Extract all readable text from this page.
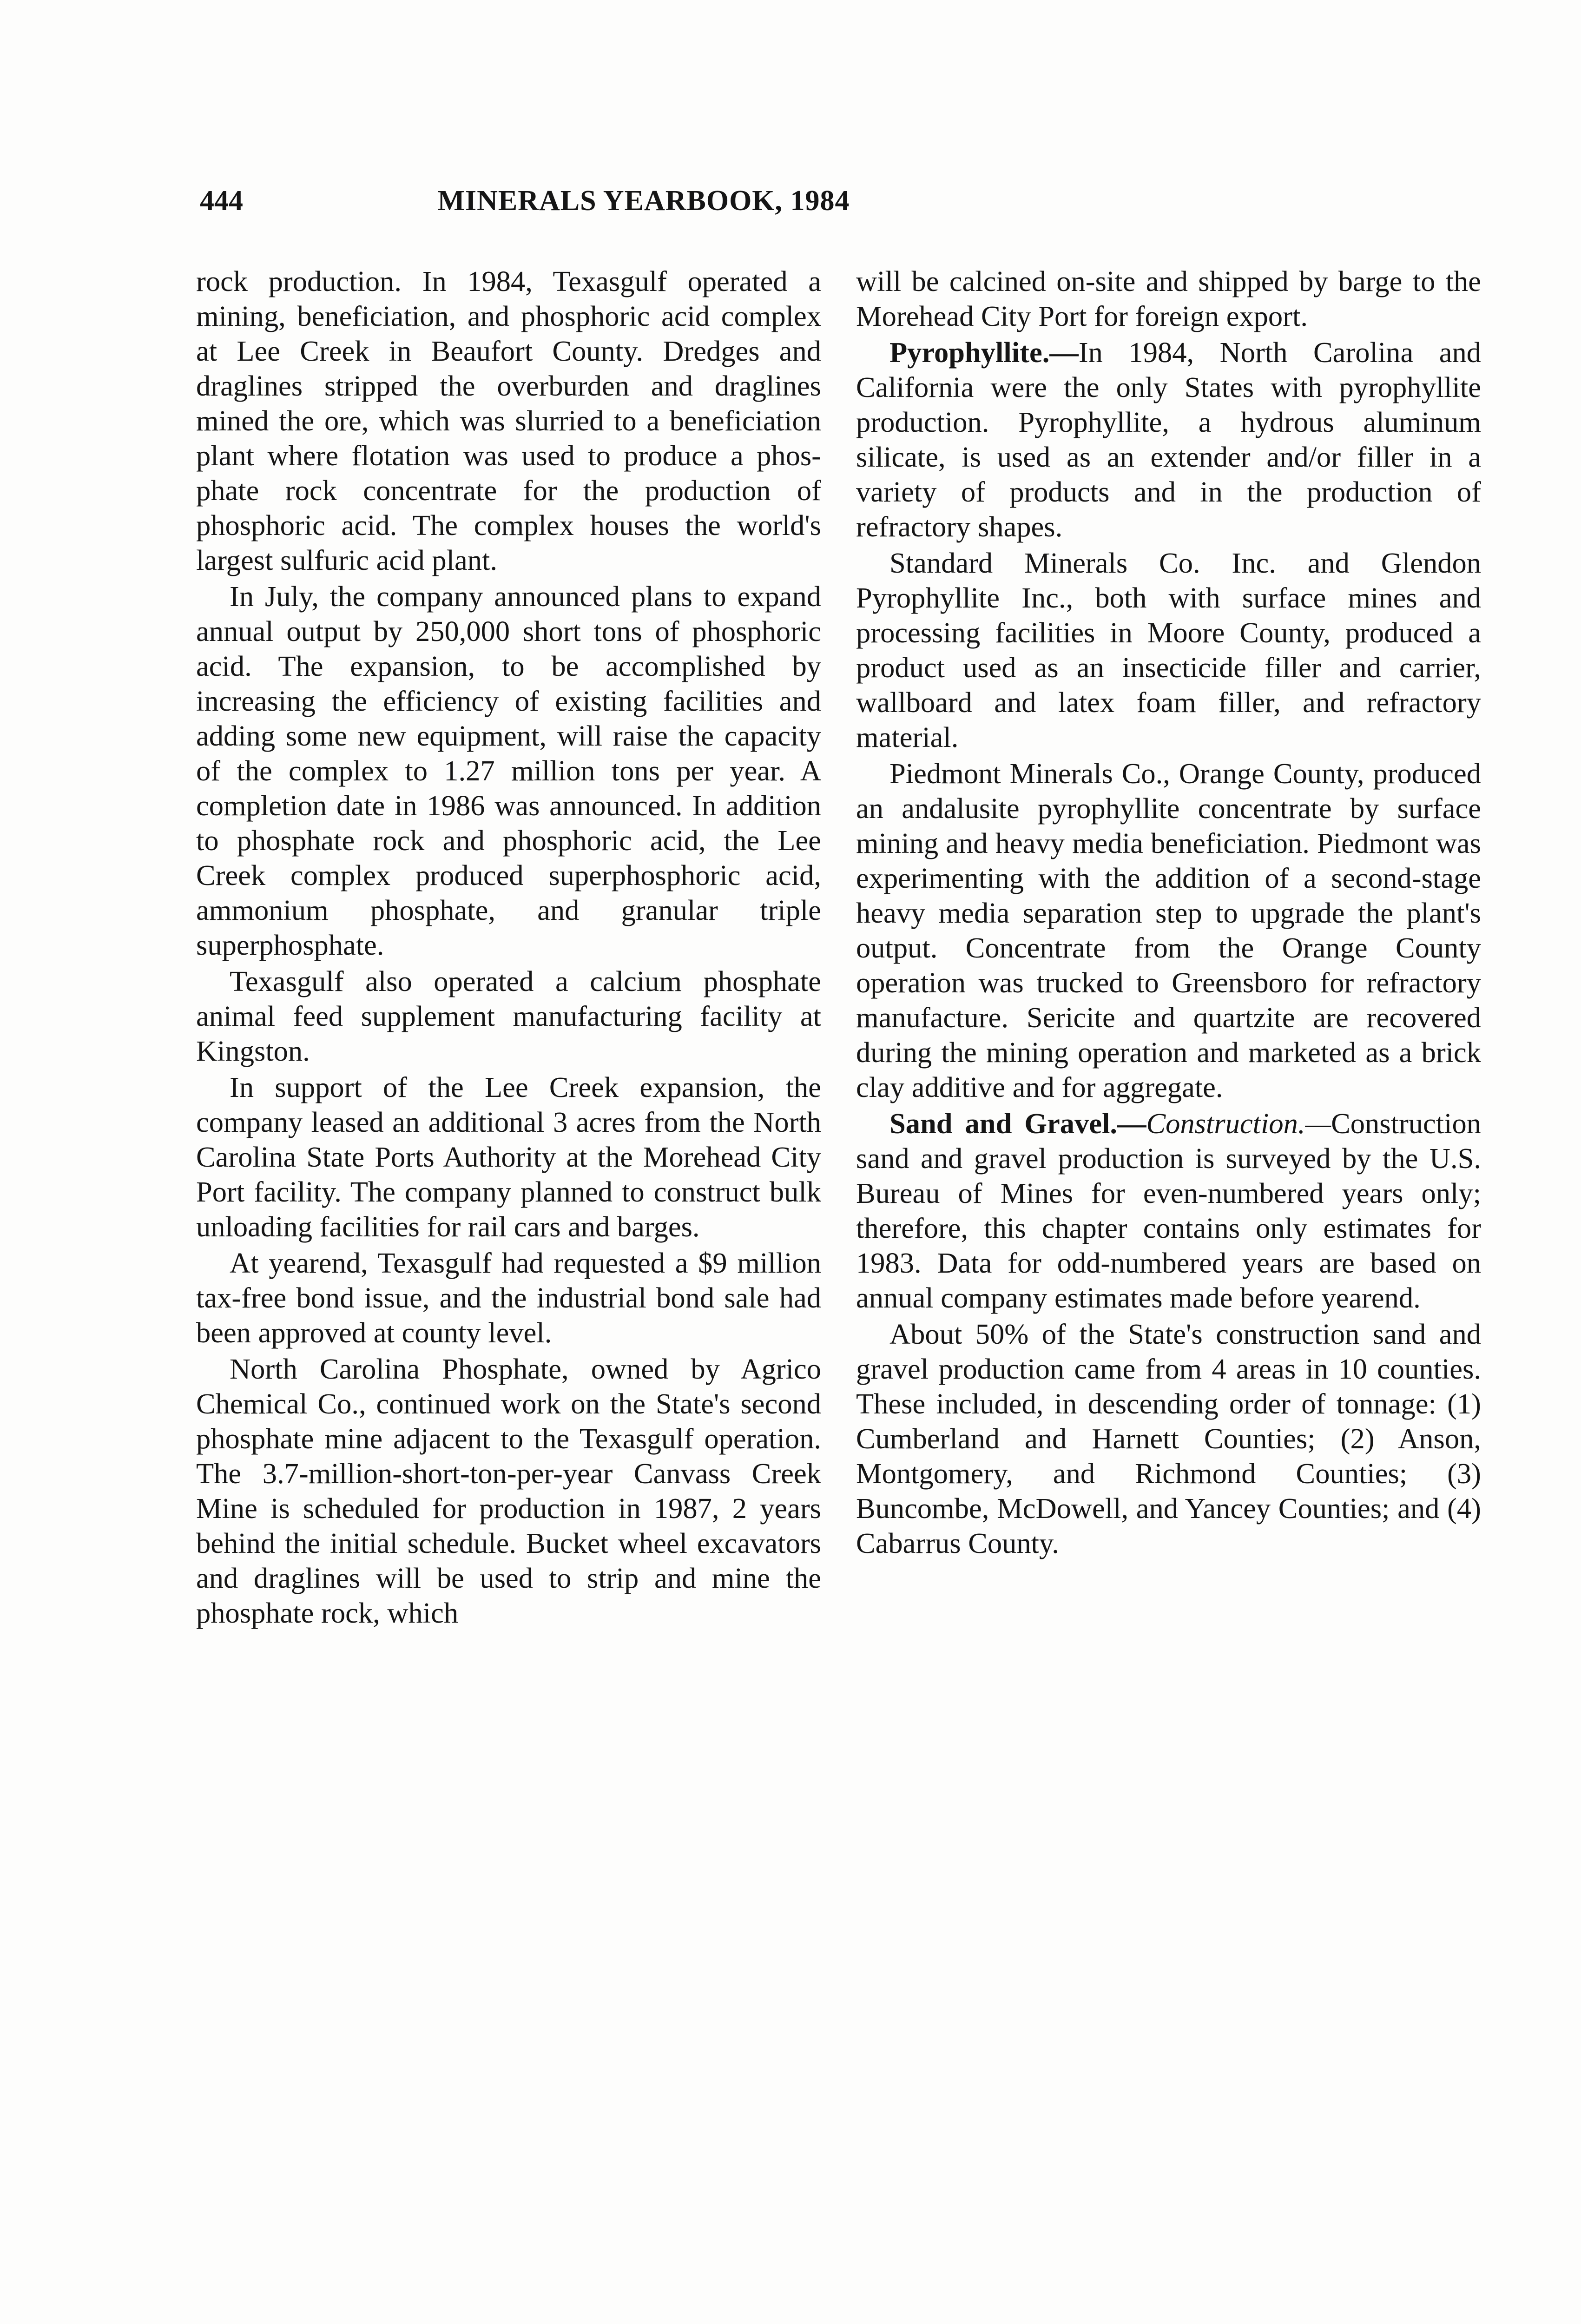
444	MINERALS YEARBOOK, 1984

rock production. In 1984, Texasgulf operated a mining, beneficiation, and phosphoric acid complex at Lee Creek in Beaufort County. Dredges and draglines stripped the overburden and draglines mined the ore, which was slurried to a beneficiation plant where flotation was used to produce a phosphate rock concentrate for the production of phosphoric acid. The complex houses the world's largest sulfuric acid plant.

In July, the company announced plans to expand annual output by 250,000 short tons of phosphoric acid. The expansion, to be accomplished by increasing the efficiency of existing facilities and adding some new equipment, will raise the capacity of the complex to 1.27 million tons per year. A completion date in 1986 was announced. In addition to phosphate rock and phosphoric acid, the Lee Creek complex produced superphosphoric acid, ammonium phosphate, and granular triple superphosphate.

Texasgulf also operated a calcium phosphate animal feed supplement manufacturing facility at Kingston.

In support of the Lee Creek expansion, the company leased an additional 3 acres from the North Carolina State Ports Authority at the Morehead City Port facility. The company planned to construct bulk unloading facilities for rail cars and barges.

At yearend, Texasgulf had requested a $9 million tax-free bond issue, and the industrial bond sale had been approved at county level.

North Carolina Phosphate, owned by Agrico Chemical Co., continued work on the State's second phosphate mine adjacent to the Texasgulf operation. The 3.7-million-short-ton-per-year Canvass Creek Mine is scheduled for production in 1987, 2 years behind the initial schedule. Bucket wheel excavators and draglines will be used to strip and mine the phosphate rock, which

will be calcined on-site and shipped by barge to the Morehead City Port for foreign export.

Pyrophyllite.—In 1984, North Carolina and California were the only States with pyrophyllite production. Pyrophyllite, a hydrous aluminum silicate, is used as an extender and/or filler in a variety of products and in the production of refractory shapes.

Standard Minerals Co. Inc. and Glendon Pyrophyllite Inc., both with surface mines and processing facilities in Moore County, produced a product used as an insecticide filler and carrier, wallboard and latex foam filler, and refractory material.

Piedmont Minerals Co., Orange County, produced an andalusite pyrophyllite concentrate by surface mining and heavy media beneficiation. Piedmont was experimenting with the addition of a second-stage heavy media separation step to upgrade the plant's output. Concentrate from the Orange County operation was trucked to Greensboro for refractory manufacture. Sericite and quartzite are recovered during the mining operation and marketed as a brick clay additive and for aggregate.

Sand and Gravel.—Construction.—Construction sand and gravel production is surveyed by the U.S. Bureau of Mines for even-numbered years only; therefore, this chapter contains only estimates for 1983. Data for odd-numbered years are based on annual company estimates made before yearend.

About 50% of the State's construction sand and gravel production came from 4 areas in 10 counties. These included, in descending order of tonnage: (1) Cumberland and Harnett Counties; (2) Anson, Montgomery, and Richmond Counties; (3) Buncombe, McDowell, and Yancey Counties; and (4) Cabarrus County.
